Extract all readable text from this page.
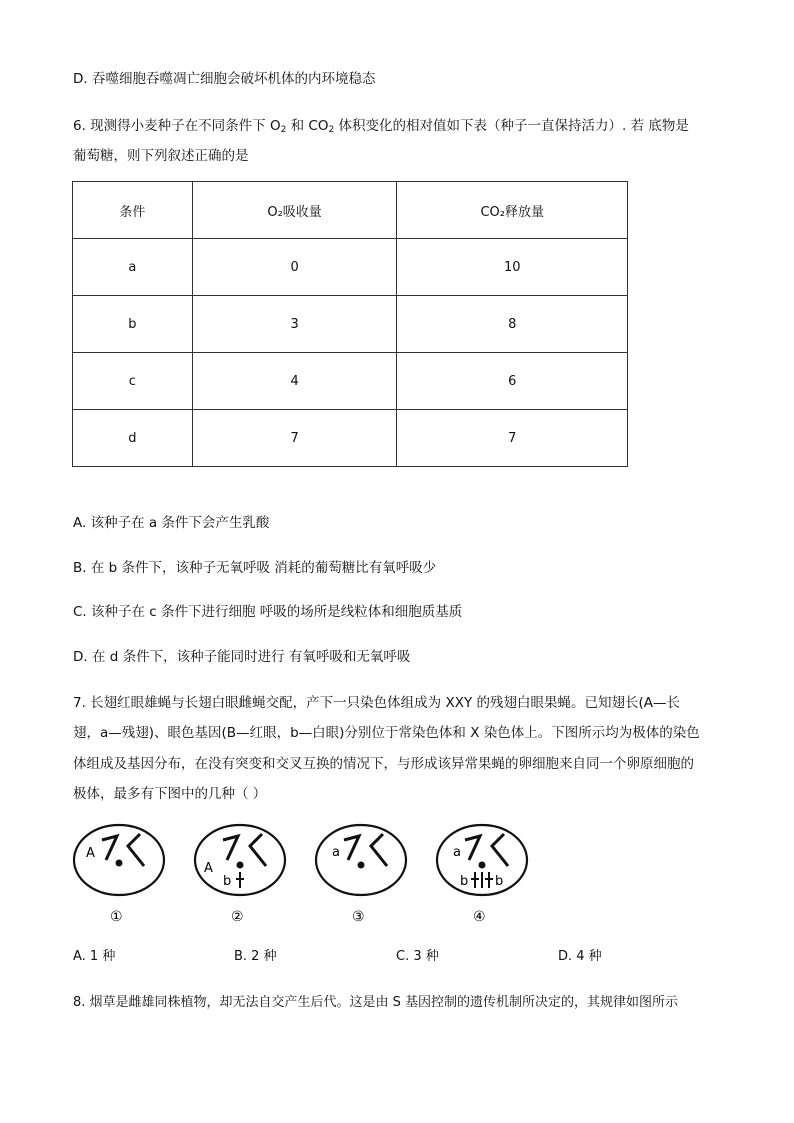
D. 吞噬细胞吞噬凋亡细胞会破坏机体的内环境稳态
6. 现测得小麦种子在不同条件下 $O_2$ 和 $CO_2$ 体积变化的相对值如下表（种子一直保持活力）. 若 底物是
葡萄糖，则下列叙述正确的是
条件	O₂吸收量	CO₂释放量
a	0	10
b	3	8
c	4	6
d	7	7
A. 该种子在 a 条件下会产生乳酸
B. 在 b 条件下，该种子无氧呼吸 消耗的葡萄糖比有氧呼吸少
C. 该种子在 c 条件下进行细胞 呼吸的场所是线粒体和细胞质基质
D. 在 d 条件下，该种子能同时进行 有氧呼吸和无氧呼吸
7. 长翅红眼雄蝇与长翅白眼雌蝇交配，产下一只染色体组成为 XXY 的残翅白眼果蝇。已知翅长(A—长
翅，a—残翅)、眼色基因(B—红眼，b—白眼)分别位于常染色体和 X 染色体上。下图所示均为极体的染色
体组成及基因分布，在没有突变和交叉互换的情况下，与形成该异常果蝇的卵细胞来自同一个卵原细胞的
极体，最多有下图中的几种（ ）
A
①
A
b
②
a
③
a
b b
④
A. 1 种	B. 2 种	C. 3 种	D. 4 种
8. 烟草是雌雄同株植物，却无法自交产生后代。这是由 S 基因控制的遗传机制所决定的，其规律如图所示
